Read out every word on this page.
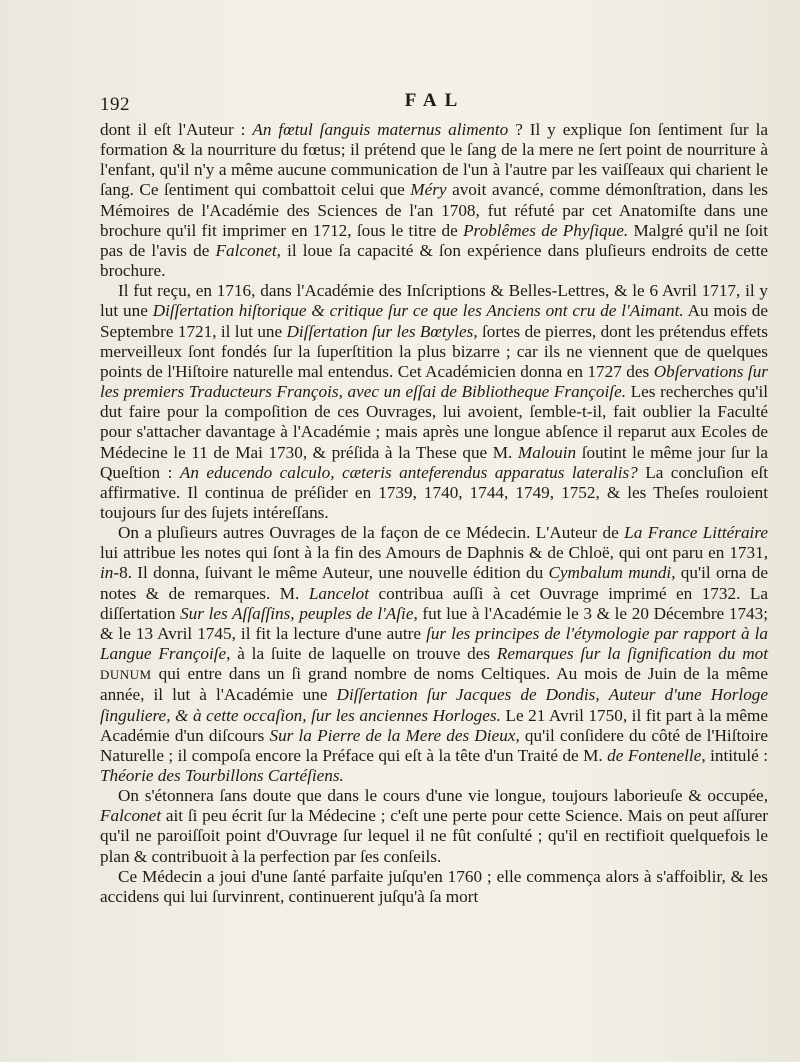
192	FAL

dont il eſt l'Auteur : An fœtul ſanguis maternus alimento ? Il y explique ſon ſentiment ſur la formation & la nourriture du fœtus; il prétend que le ſang de la mere ne ſert point de nourriture à l'enfant, qu'il n'y a même aucune communication de l'un à l'autre par les vaiſſeaux qui charient le ſang. Ce ſentiment qui combattoit celui que Méry avoit avancé, comme démonſtration, dans les Mémoires de l'Académie des Sciences de l'an 1708, fut réfuté par cet Anatomiſte dans une brochure qu'il fit imprimer en 1712, ſous le titre de Problêmes de Phyſique. Malgré qu'il ne ſoit pas de l'avis de Falconet, il loue ſa capacité & ſon expérience dans pluſieurs endroits de cette brochure.

Il fut reçu, en 1716, dans l'Académie des Inſcriptions & Belles-Lettres, & le 6 Avril 1717, il y lut une Diſſertation hiſtorique & critique ſur ce que les Anciens ont cru de l'Aimant. Au mois de Septembre 1721, il lut une Diſſertation ſur les Bœtyles, ſortes de pierres, dont les prétendus effets merveilleux ſont fondés ſur la ſuperſtition la plus bizarre ; car ils ne viennent que de quelques points de l'Hiſtoire naturelle mal entendus. Cet Académicien donna en 1727 des Obſervations ſur les premiers Traducteurs François, avec un eſſai de Bibliotheque Françoiſe. Les recherches qu'il dut faire pour la compoſition de ces Ouvrages, lui avoient, ſemble-t-il, fait oublier la Faculté pour s'attacher davantage à l'Académie ; mais après une longue abſence il reparut aux Ecoles de Médecine le 11 de Mai 1730, & préſida à la These que M. Malouin ſoutint le même jour ſur la Queſtion : An educendo calculo, cæteris anteferendus apparatus lateralis? La concluſion eſt affirmative. Il continua de préſider en 1739, 1740, 1744, 1749, 1752, & les Theſes rouloient toujours ſur des ſujets intéreſſans.

On a pluſieurs autres Ouvrages de la façon de ce Médecin. L'Auteur de La France Littéraire lui attribue les notes qui ſont à la fin des Amours de Daphnis & de Chloë, qui ont paru en 1731, in-8. Il donna, ſuivant le même Auteur, une nouvelle édition du Cymbalum mundi, qu'il orna de notes & de remarques. M. Lancelot contribua auſſi à cet Ouvrage imprimé en 1732. La diſſertation Sur les Aſſaſſins, peuples de l'Aſie, fut lue à l'Académie le 3 & le 20 Décembre 1743; & le 13 Avril 1745, il fit la lecture d'une autre ſur les principes de l'étymologie par rapport à la Langue Françoiſe, à la ſuite de laquelle on trouve des Remarques ſur la ſignification du mot DUNUM qui entre dans un ſi grand nombre de noms Celtiques. Au mois de Juin de la même année, il lut à l'Académie une Diſſertation ſur Jacques de Dondis, Auteur d'une Horloge ſinguliere, & à cette occaſion, ſur les anciennes Horloges. Le 21 Avril 1750, il fit part à la même Académie d'un diſcours Sur la Pierre de la Mere des Dieux, qu'il conſidere du côté de l'Hiſtoire Naturelle ; il compoſa encore la Préface qui eſt à la tête d'un Traité de M. de Fontenelle, intitulé : Théorie des Tourbillons Cartéſiens.

On s'étonnera ſans doute que dans le cours d'une vie longue, toujours laborieuſe & occupée, Falconet ait ſi peu écrit ſur la Médecine ; c'eſt une perte pour cette Science. Mais on peut aſſurer qu'il ne paroiſſoit point d'Ouvrage ſur lequel il ne fût conſulté ; qu'il en rectifioit quelquefois le plan & contribuoit à la perfection par ſes conſeils.

Ce Médecin a joui d'une ſanté parfaite juſqu'en 1760 ; elle commença alors à s'affoiblir, & les accidens qui lui ſurvinrent, continuerent juſqu'à ſa mort
